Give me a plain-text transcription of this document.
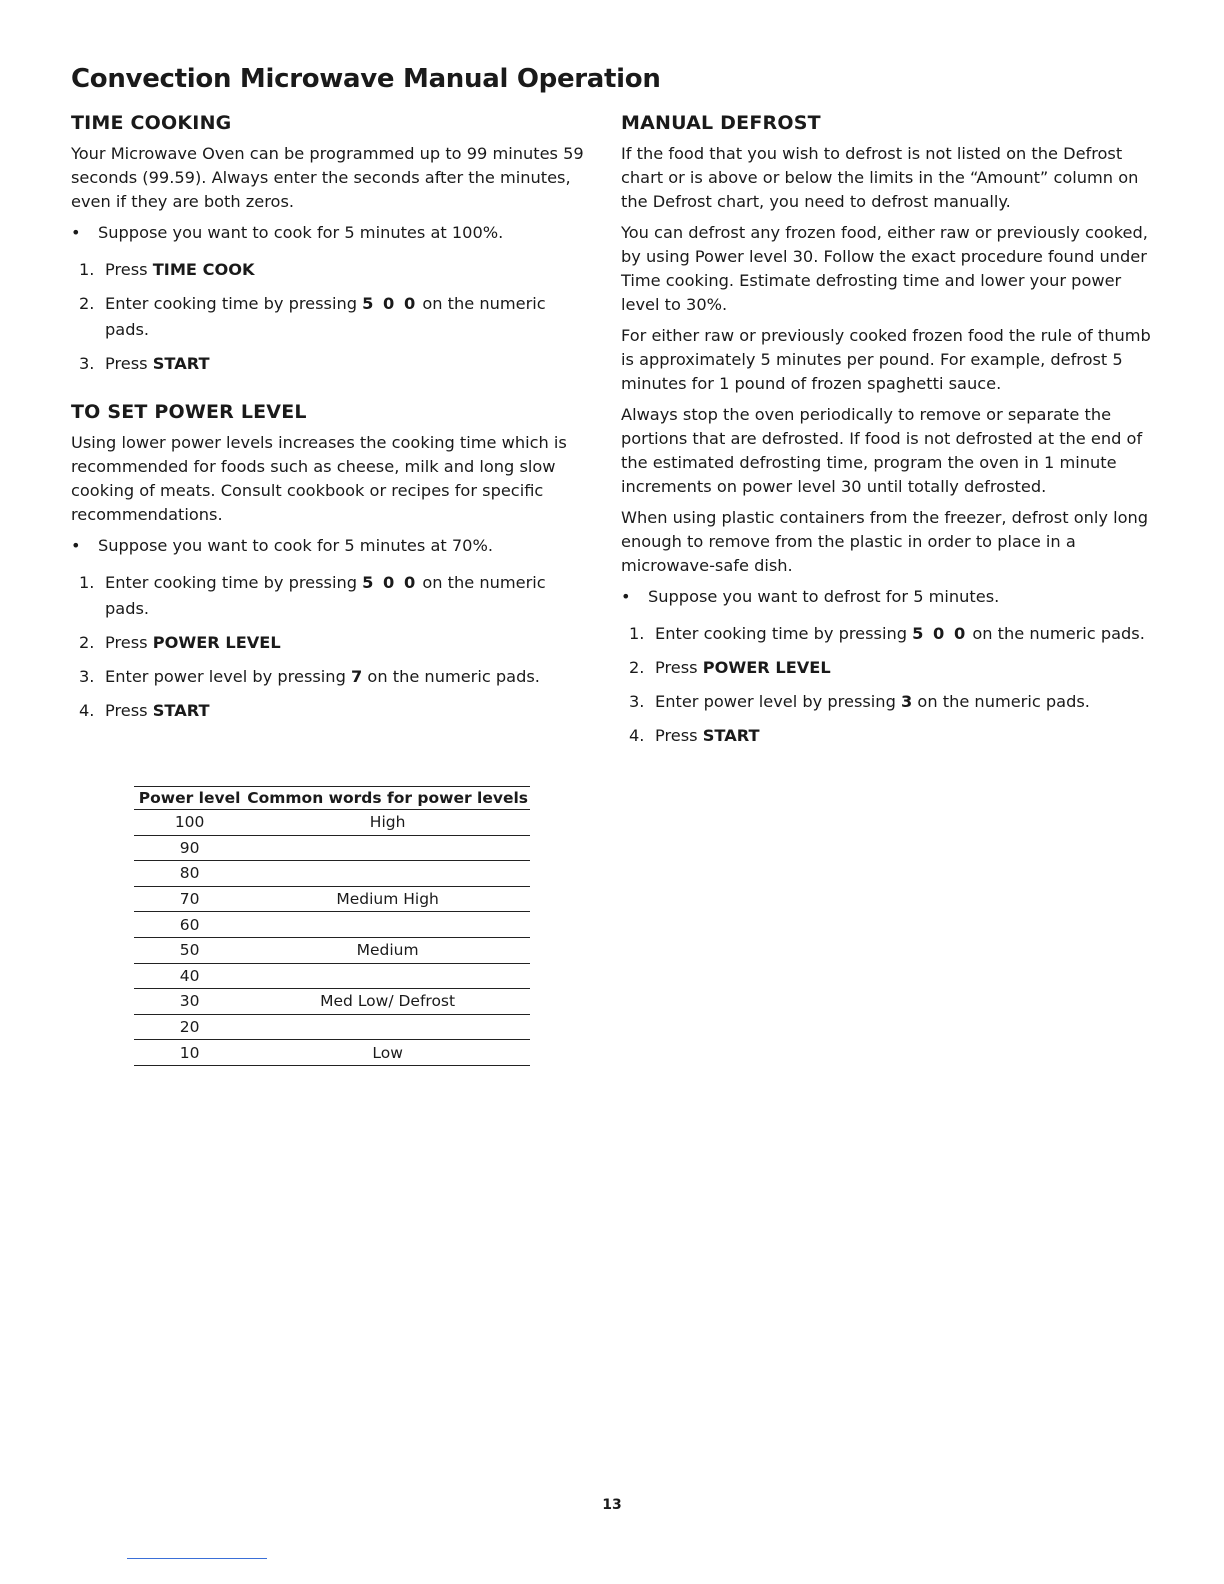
Convection Microwave Manual Operation
TIME COOKING

Your Microwave Oven can be programmed up to 99 minutes 59 seconds (99.59). Always enter the seconds after the minutes, even if they are both zeros.

• Suppose you want to cook for 5 minutes at 100%.
1. Press TIME COOK
2. Enter cooking time by pressing 5 0 0 on the numeric pads.
3. Press START
TO SET POWER LEVEL

Using lower power levels increases the cooking time which is recommended for foods such as cheese, milk and long slow cooking of meats. Consult cookbook or recipes for specific recommendations.

• Suppose you want to cook for 5 minutes at 70%.
1. Enter cooking time by pressing 5 0 0 on the numeric pads.
2. Press POWER LEVEL
3. Enter power level by pressing 7 on the numeric pads.
4. Press START
Power level	Common words for power levels
100	High
90	
80	
70	Medium High
60	
50	Medium
40	
30	Med Low/ Defrost
20	
10	Low
MANUAL DEFROST

If the food that you wish to defrost is not listed on the Defrost chart or is above or below the limits in the “Amount” column on the Defrost chart, you need to defrost manually.

You can defrost any frozen food, either raw or previously cooked, by using Power level 30. Follow the exact procedure found under Time cooking. Estimate defrosting time and lower your power level to 30%.

For either raw or previously cooked frozen food the rule of thumb is approximately 5 minutes per pound. For example, defrost 5 minutes for 1 pound of frozen spaghetti sauce.

Always stop the oven periodically to remove or separate the portions that are defrosted. If food is not defrosted at the end of the estimated defrosting time, program the oven in 1 minute increments on power level 30 until totally defrosted.

When using plastic containers from the freezer, defrost only long enough to remove from the plastic in order to place in a microwave-safe dish.

• Suppose you want to defrost for 5 minutes.
1. Enter cooking time by pressing 5 0 0 on the numeric pads.
2. Press POWER LEVEL
3. Enter power level by pressing 3 on the numeric pads.
4. Press START
13
